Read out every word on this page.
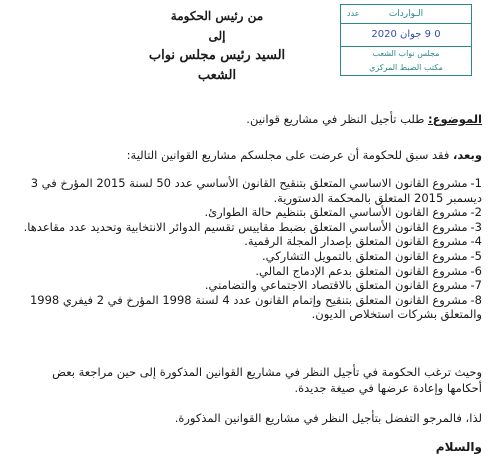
من رئيس الحكومة
إلى
السيد رئيس مجلس نواب الشعب
الـواردات
عدد
0 9 جوان 2020
مجلس نواب الشعب
مكتب الضبط المركزي
الموضوع: طلب تأجيل النظر في مشاريع قوانين.
وبعد، فقد سبق للحكومة أن عرضت على مجلسكم مشاريع القوانين التالية:
1-مشروع القانون الاساسي المتعلق بتنقيح القانون الأساسي عدد 50 لسنة 2015 المؤرخ في 3 ديسمبر 2015 المتعلق بالمحكمة الدستورية.
2-مشروع القانون الأساسي المتعلق بتنظيم حالة الطوارئ.
3-مشروع القانون الأساسي المتعلق بضبط مقاييس تقسيم الدوائر الانتخابية وتحديد عدد مقاعدها.
4-مشروع القانون المتعلق بإصدار المجلة الرقمية.
5-مشروع القانون المتعلق بالتمويل التشاركي.
6-مشروع القانون المتعلق بدعم الإدماج المالي.
7-مشروع القانون المتعلق بالاقتصاد الاجتماعي والتضامني.
8-مشروع القانون المتعلق بتنقيح وإتمام القانون عدد 4 لسنة 1998 المؤرخ في 2 فيفري 1998 والمتعلق بشركات استخلاص الديون.
وحيث ترغب الحكومة في تأجيل النظر في مشاريع القوانين المذكورة إلى حين مراجعة بعض أحكامها وإعادة عرضها في صيغة جديدة.
لذا، فالمرجو التفضل بتأجيل النظر في مشاريع القوانين المذكورة.
والسلام
